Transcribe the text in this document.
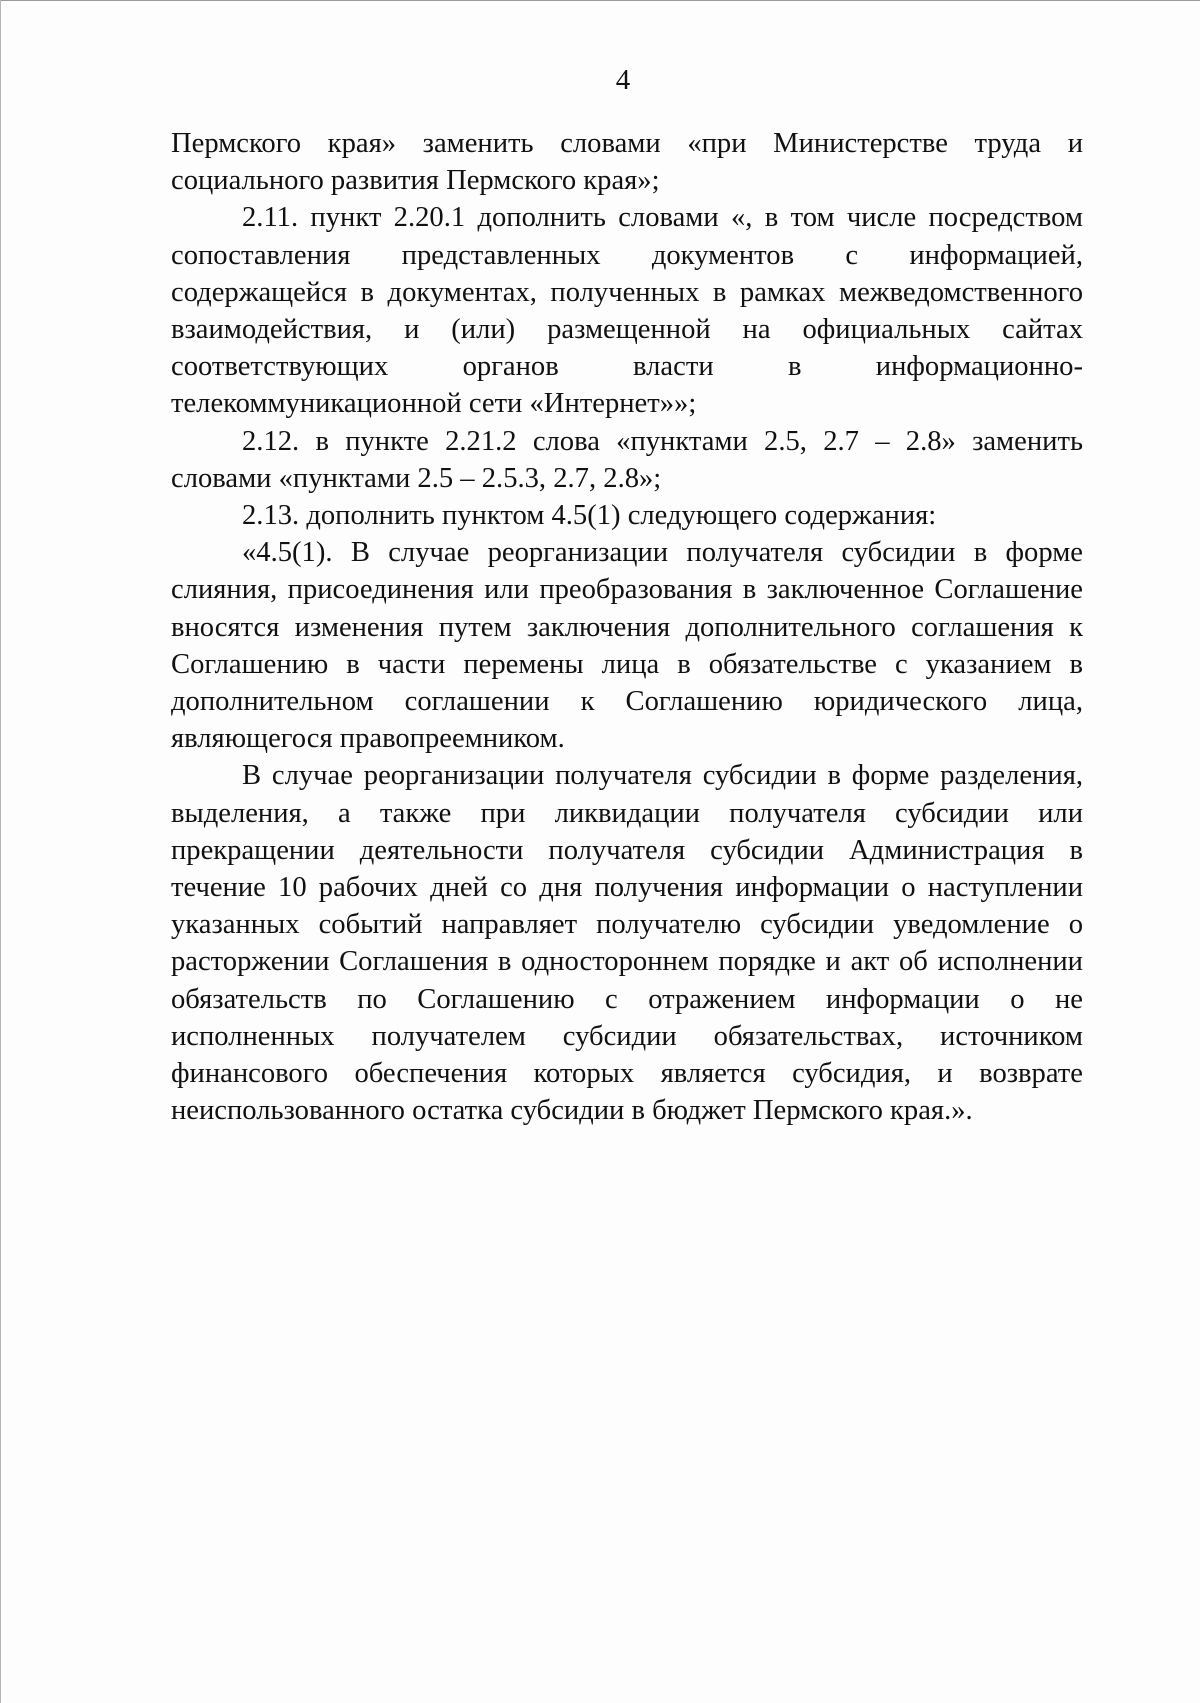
4

Пермского края» заменить словами «при Министерстве труда и социального развития Пермского края»;

2.11. пункт 2.20.1 дополнить словами «, в том числе посредством сопоставления представленных документов с информацией, содержащейся в документах, полученных в рамках межведомственного взаимодействия, и (или) размещенной на официальных сайтах соответствующих органов власти в информационно-телекоммуникационной сети «Интернет»»;

2.12. в пункте 2.21.2 слова «пунктами 2.5, 2.7 – 2.8» заменить словами «пунктами 2.5 – 2.5.3, 2.7, 2.8»;

2.13. дополнить пунктом 4.5(1) следующего содержания:

«4.5(1). В случае реорганизации получателя субсидии в форме слияния, присоединения или преобразования в заключенное Соглашение вносятся изменения путем заключения дополнительного соглашения к Соглашению в части перемены лица в обязательстве с указанием в дополнительном соглашении к Соглашению юридического лица, являющегося правопреемником.

В случае реорганизации получателя субсидии в форме разделения, выделения, а также при ликвидации получателя субсидии или прекращении деятельности получателя субсидии Администрация в течение 10 рабочих дней со дня получения информации о наступлении указанных событий направляет получателю субсидии уведомление о расторжении Соглашения в одностороннем порядке и акт об исполнении обязательств по Соглашению с отражением информации о не исполненных получателем субсидии обязательствах, источником финансового обеспечения которых является субсидия, и возврате неиспользованного остатка субсидии в бюджет Пермского края.».
